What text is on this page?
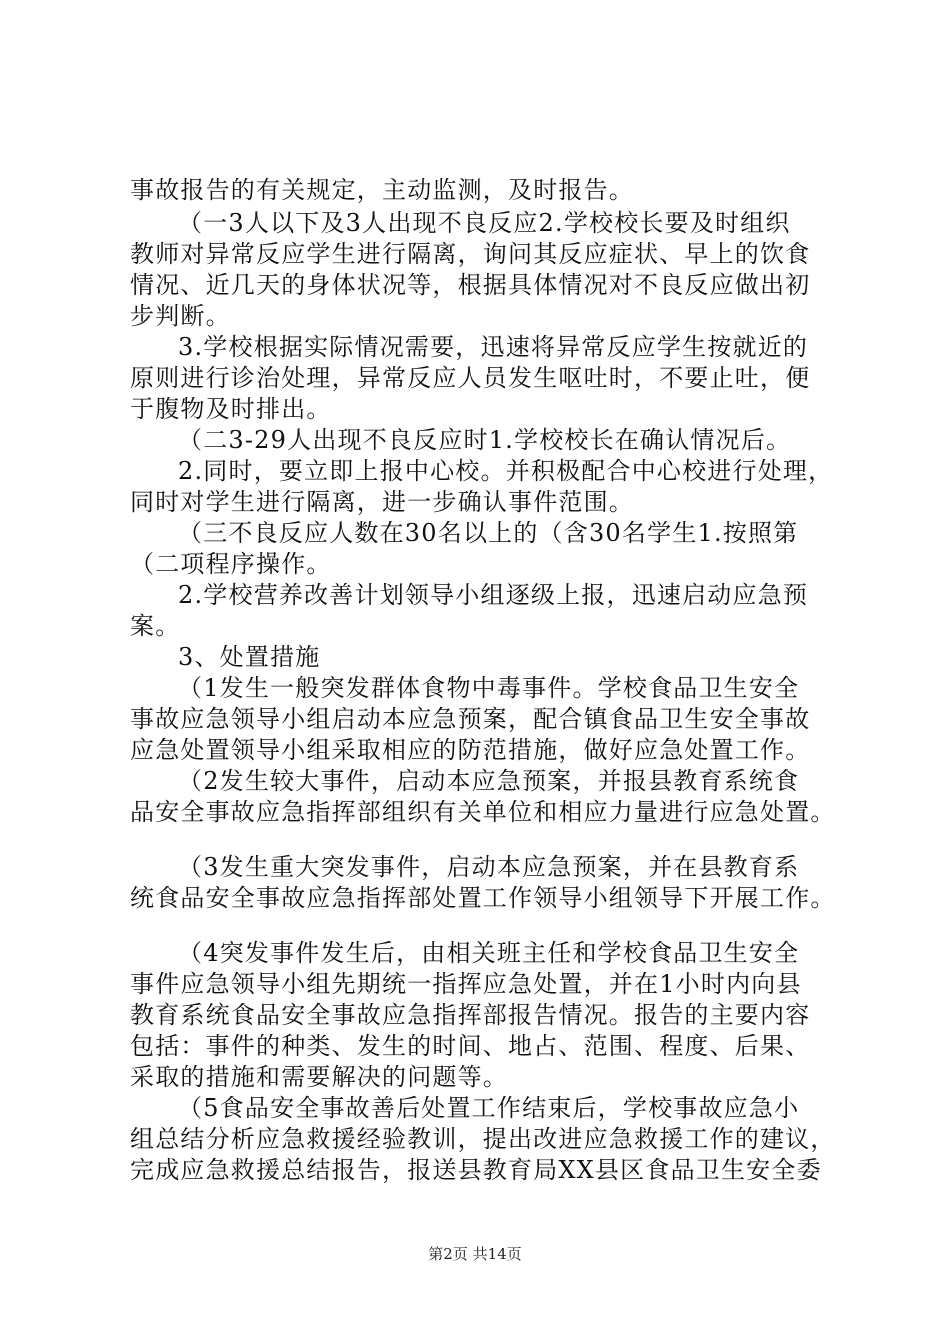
事故报告的有关规定，主动监测，及时报告。
（一3人以下及3人出现不良反应2.学校校长要及时组织
教师对异常反应学生进行隔离，询问其反应症状、早上的饮食
情况、近几天的身体状况等，根据具体情况对不良反应做出初
步判断。
3.学校根据实际情况需要，迅速将异常反应学生按就近的
原则进行诊治处理，异常反应人员发生呕吐时，不要止吐，便
于腹物及时排出。
（二3-29人出现不良反应时1.学校校长在确认情况后。
2.同时，要立即上报中心校。并积极配合中心校进行处理，
同时对学生进行隔离，进一步确认事件范围。
（三不良反应人数在30名以上的（含30名学生1.按照第
（二项程序操作。
2.学校营养改善计划领导小组逐级上报，迅速启动应急预
案。
3、处置措施
（1发生一般突发群体食物中毒事件。学校食品卫生安全
事故应急领导小组启动本应急预案，配合镇食品卫生安全事故
应急处置领导小组采取相应的防范措施，做好应急处置工作。
（2发生较大事件，启动本应急预案，并报县教育系统食
品安全事故应急指挥部组织有关单位和相应力量进行应急处置。
（3发生重大突发事件，启动本应急预案，并在县教育系
统食品安全事故应急指挥部处置工作领导小组领导下开展工作。
（4突发事件发生后，由相关班主任和学校食品卫生安全
事件应急领导小组先期统一指挥应急处置，并在1小时内向县
教育系统食品安全事故应急指挥部报告情况。报告的主要内容
包括：事件的种类、发生的时间、地占、范围、程度、后果、
采取的措施和需要解决的问题等。
（5食品安全事故善后处置工作结束后，学校事故应急小
组总结分析应急救援经验教训，提出改进应急救援工作的建议，
完成应急救援总结报告，报送县教育局XX县区食品卫生安全委
第2页 共14页
